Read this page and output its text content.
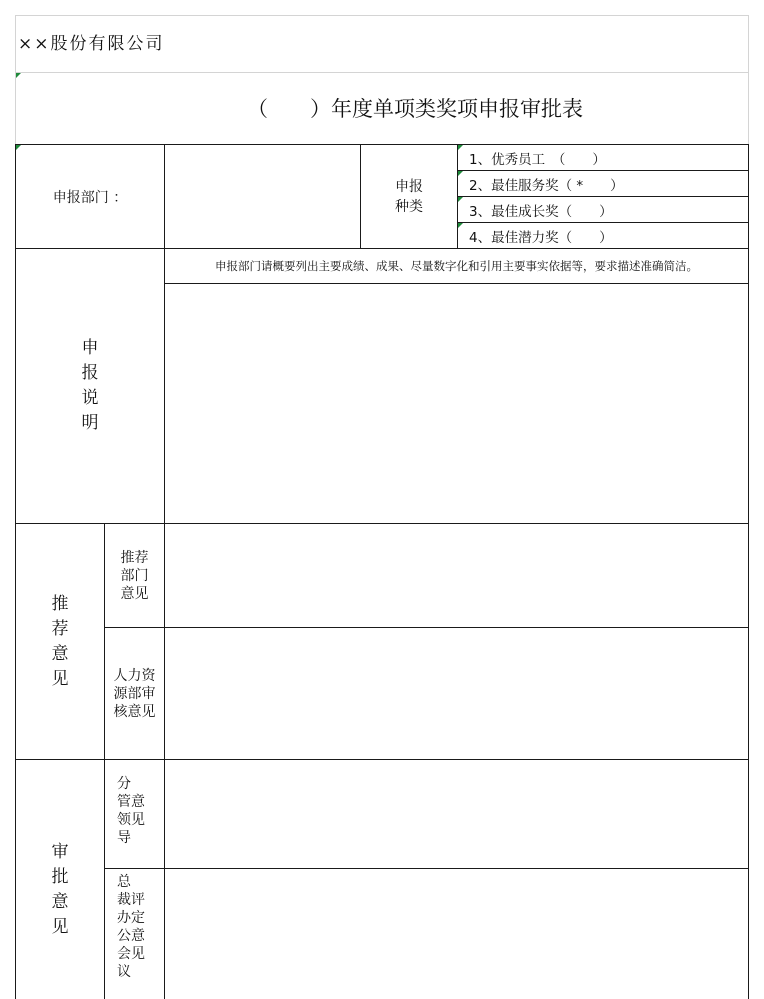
××股份有限公司
（　　）年度单项类奖项申报审批表
申报部门 ：
申报
种类
1、优秀员工　（　　）
2、最佳服务奖（ *　　）
3、最佳成长奖（　　）
4、最佳潜力奖（　　）
申
报
说
明
申报部门请概要列出主要成绩、成果、尽量数字化和引用主要事实依据等，要求描述准确简洁。
推
荐
意
见
推荐
部门
意见
人力资
源部审
核意见
审
批
意
见
分
管意
领见
导
总
裁评
办定
公意
会见
议
